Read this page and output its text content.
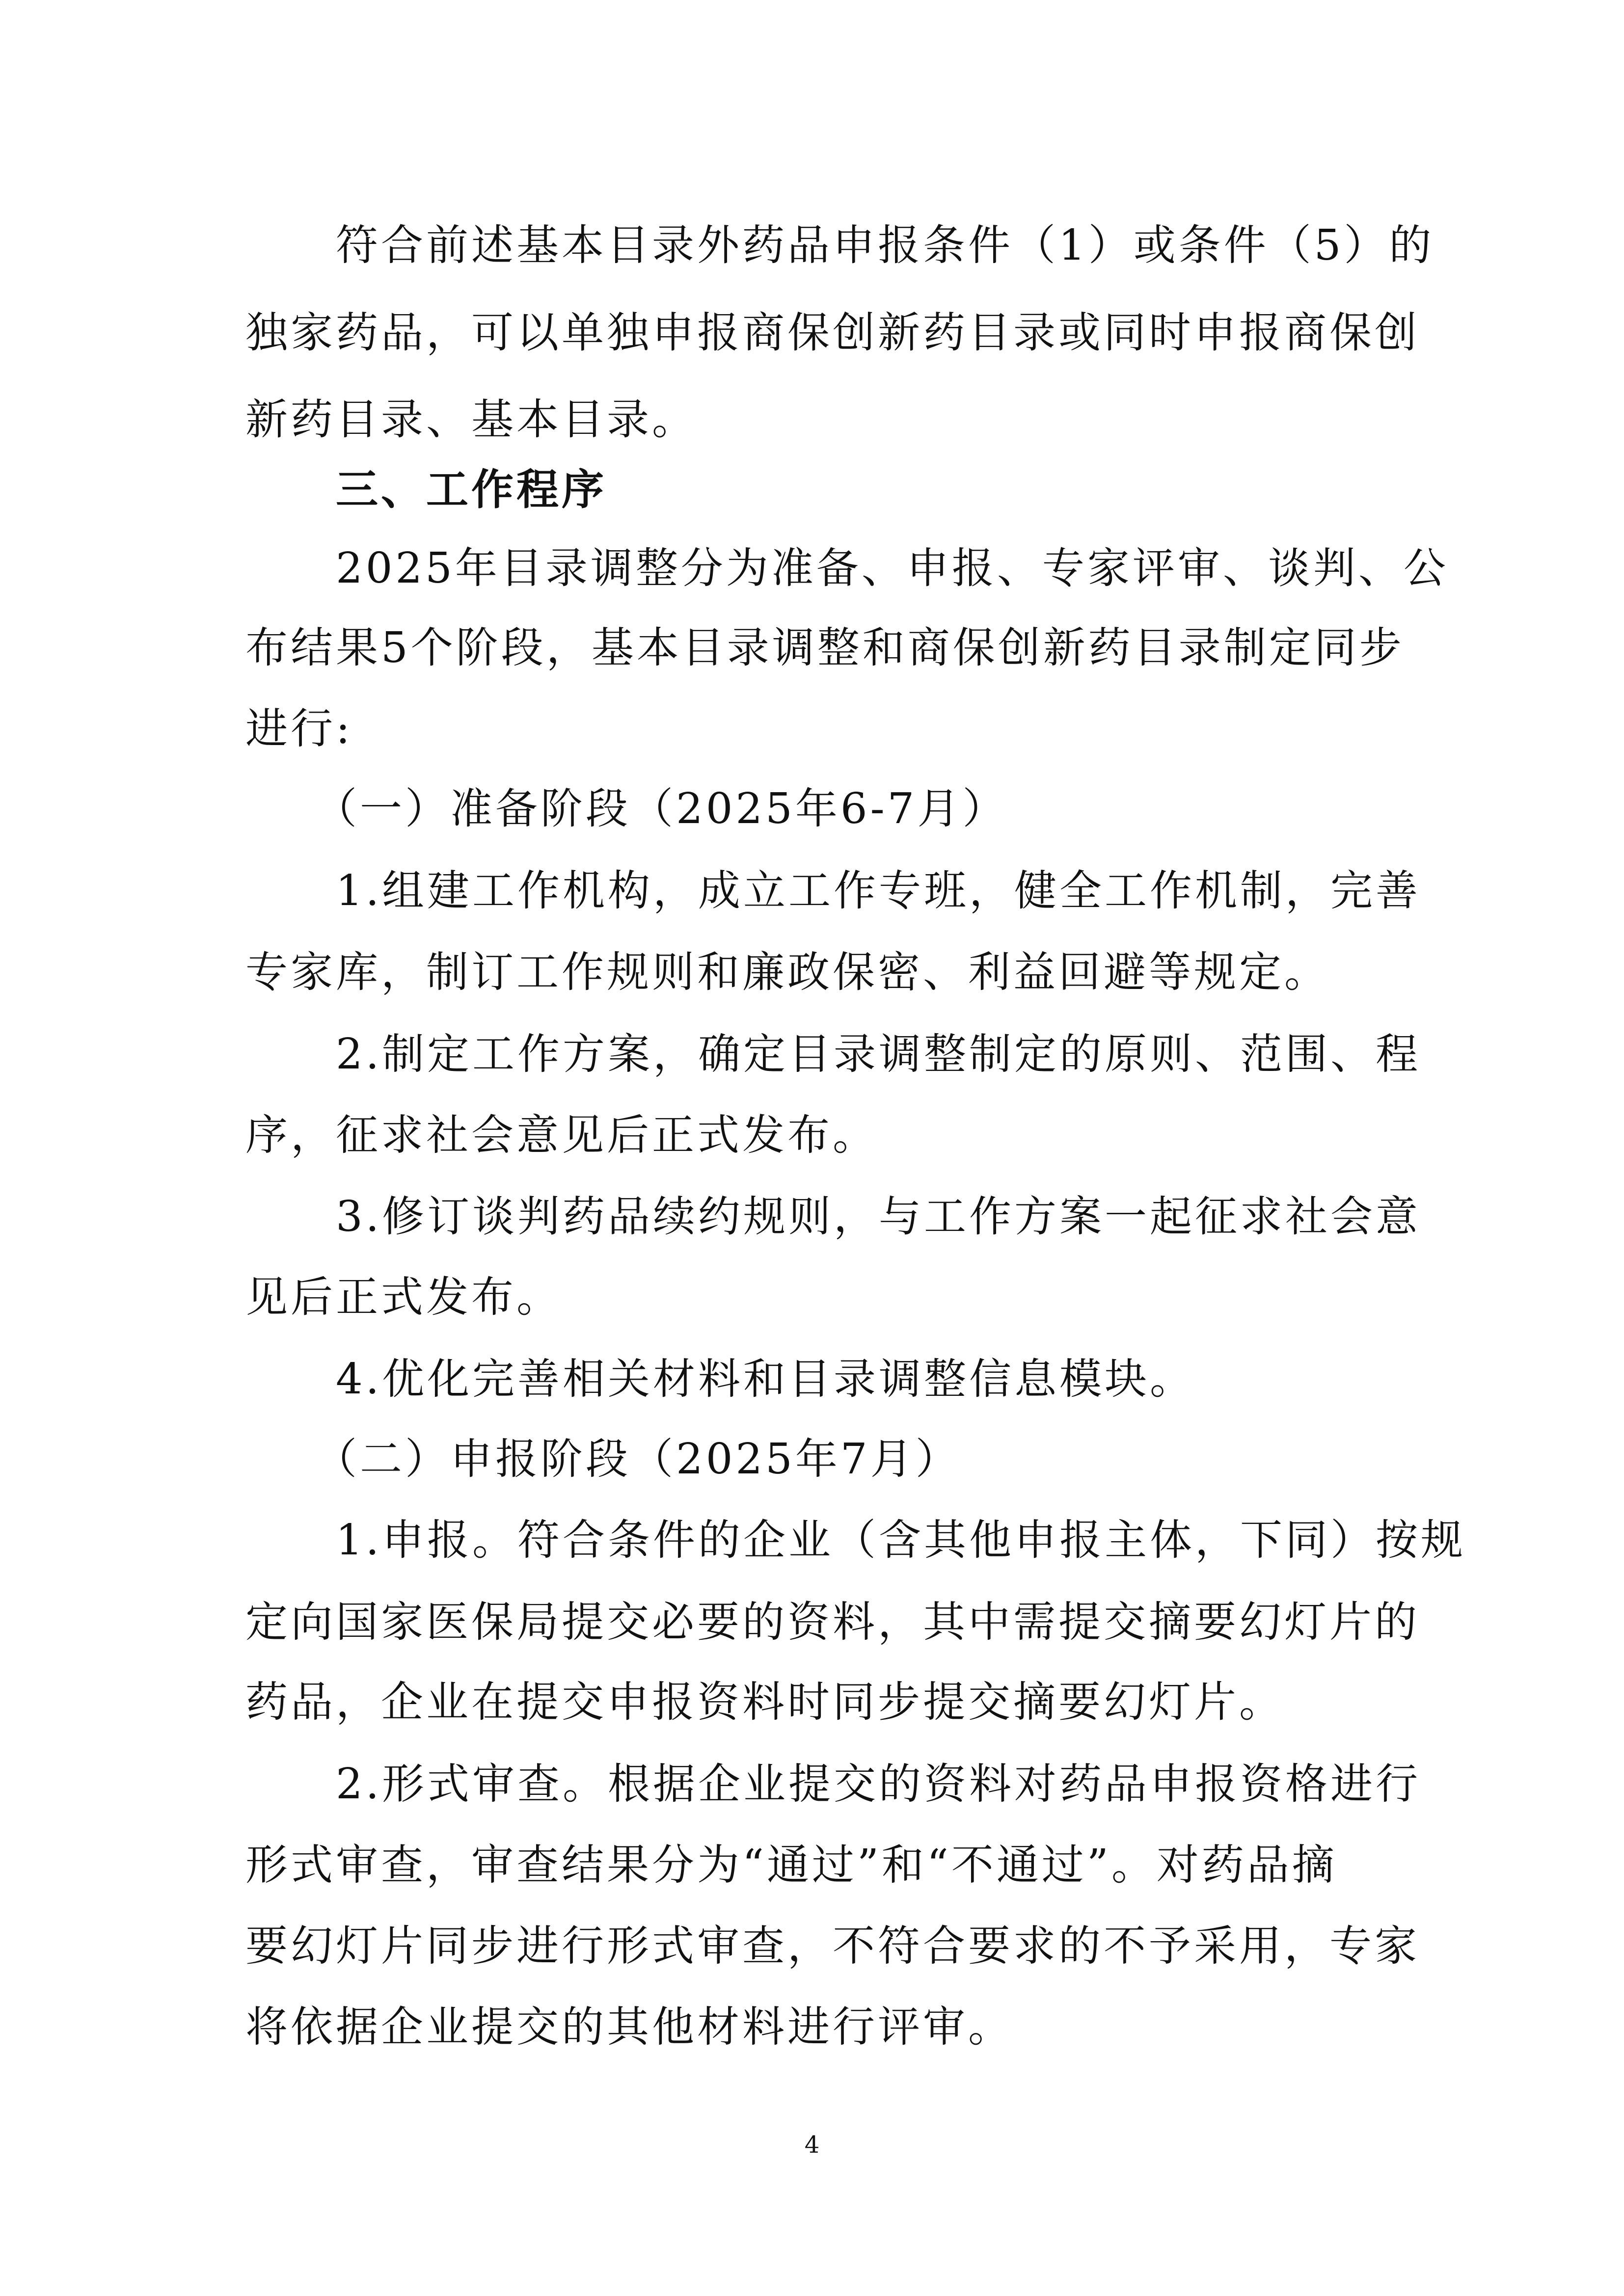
　　符合前述基本目录外药品申报条件（1）或条件（5）的
独家药品，可以单独申报商保创新药目录或同时申报商保创
新药目录、基本目录。
　　三、工作程序
　　2025年目录调整分为准备、申报、专家评审、谈判、公
布结果5个阶段，基本目录调整和商保创新药目录制定同步
进行:
　　（一）准备阶段（2025年6-7月）
　　1.组建工作机构，成立工作专班，健全工作机制，完善
专家库，制订工作规则和廉政保密、利益回避等规定。
　　2.制定工作方案，确定目录调整制定的原则、范围、程
序，征求社会意见后正式发布。
　　3.修订谈判药品续约规则，与工作方案一起征求社会意
见后正式发布。
　　4.优化完善相关材料和目录调整信息模块。
　　（二）申报阶段（2025年7月）
　　1.申报。符合条件的企业（含其他申报主体，下同）按规
定向国家医保局提交必要的资料，其中需提交摘要幻灯片的
药品，企业在提交申报资料时同步提交摘要幻灯片。
　　2.形式审查。根据企业提交的资料对药品申报资格进行
形式审查，审查结果分为“通过”和“不通过”。对药品摘
要幻灯片同步进行形式审查，不符合要求的不予采用，专家
将依据企业提交的其他材料进行评审。
4
